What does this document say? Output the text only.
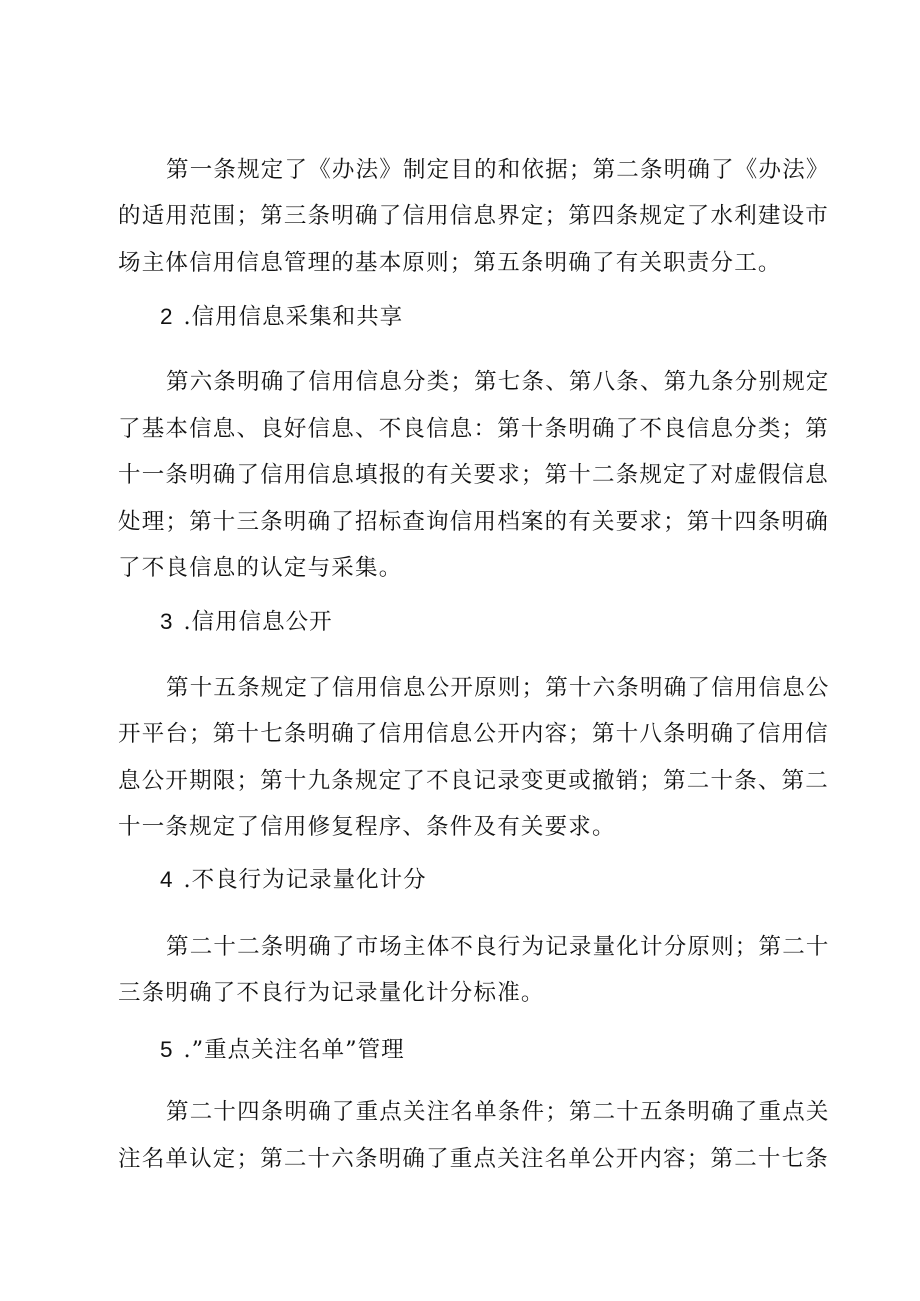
第一条规定了《办法》制定目的和依据；第二条明确了《办法》
的适用范围；第三条明确了信用信息界定；第四条规定了水利建设市
场主体信用信息管理的基本原则；第五条明确了有关职责分工。
2 .信用信息采集和共享
第六条明确了信用信息分类；第七条、第八条、第九条分别规定
了基本信息、良好信息、不良信息：第十条明确了不良信息分类；第
十一条明确了信用信息填报的有关要求；第十二条规定了对虚假信息
处理；第十三条明确了招标查询信用档案的有关要求；第十四条明确
了不良信息的认定与采集。
3 .信用信息公开
第十五条规定了信用信息公开原则；第十六条明确了信用信息公
开平台；第十七条明确了信用信息公开内容；第十八条明确了信用信
息公开期限；第十九条规定了不良记录变更或撤销；第二十条、第二
十一条规定了信用修复程序、条件及有关要求。
4 .不良行为记录量化计分
第二十二条明确了市场主体不良行为记录量化计分原则；第二十
三条明确了不良行为记录量化计分标准。
5 .”重点关注名单”管理
第二十四条明确了重点关注名单条件；第二十五条明确了重点关
注名单认定；第二十六条明确了重点关注名单公开内容；第二十七条
